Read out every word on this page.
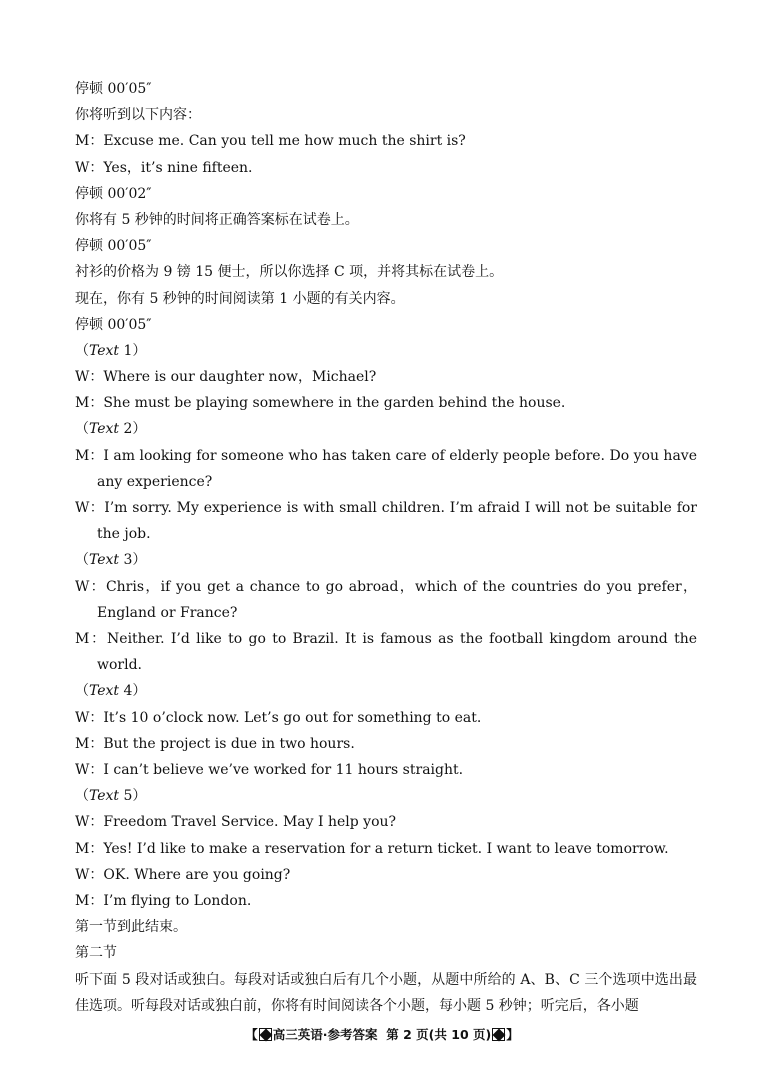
停顿 00′05″
你将听到以下内容：
M：Excuse me. Can you tell me how much the shirt is?
W：Yes，it’s nine fifteen.
停顿 00′02″
你将有 5 秒钟的时间将正确答案标在试卷上。
停顿 00′05″
衬衫的价格为 9 镑 15 便士，所以你选择 C 项，并将其标在试卷上。
现在，你有 5 秒钟的时间阅读第 1 小题的有关内容。
停顿 00′05″
（Text 1）
W：Where is our daughter now，Michael?
M：She must be playing somewhere in the garden behind the house.
（Text 2）
M：I am looking for someone who has taken care of elderly people before. Do you have any experience?
W：I’m sorry. My experience is with small children. I’m afraid I will not be suitable for the job.
（Text 3）
W：Chris，if you get a chance to go abroad，which of the countries do you prefer，England or France?
M：Neither. I’d like to go to Brazil. It is famous as the football kingdom around the world.
（Text 4）
W：It’s 10 o’clock now. Let’s go out for something to eat.
M：But the project is due in two hours.
W：I can’t believe we’ve worked for 11 hours straight.
（Text 5）
W：Freedom Travel Service. May I help you?
M：Yes! I’d like to make a reservation for a return ticket. I want to leave tomorrow.
W：OK. Where are you going?
M：I’m flying to London.
第一节到此结束。
第二节
听下面 5 段对话或独白。每段对话或独白后有几个小题，从题中所给的 A、B、C 三个选项中选出最佳选项。听每段对话或独白前，你将有时间阅读各个小题，每小题 5 秒钟；听完后，各小题
【 高三英语·参考答案 第 2 页(共 10 页) 】
